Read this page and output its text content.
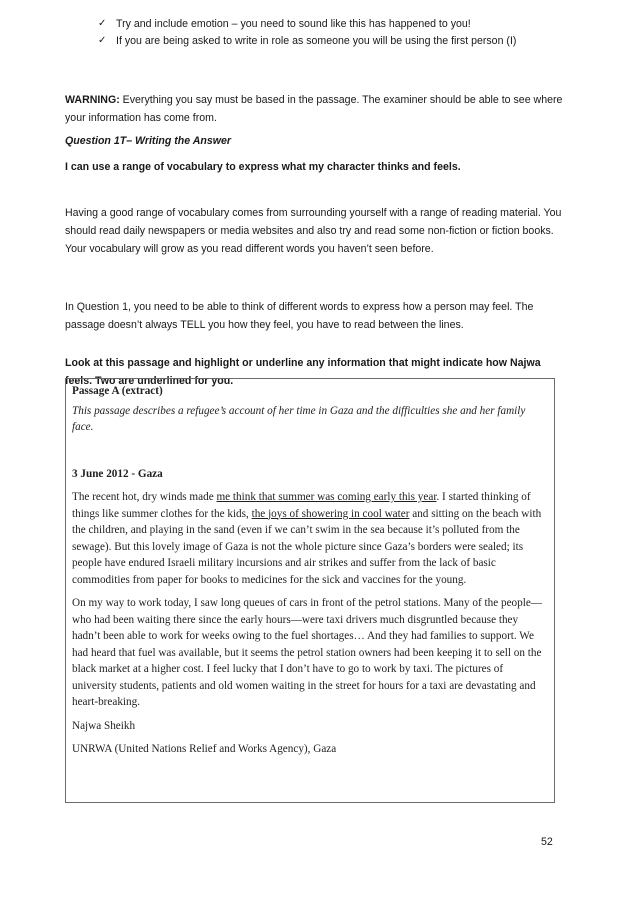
✓ Try and include emotion – you need to sound like this has happened to you!
✓ If you are being asked to write in role as someone you will be using the first person (I)
WARNING: Everything you say must be based in the passage. The examiner should be able to see where your information has come from.
Question 1T– Writing the Answer
I can use a range of vocabulary to express what my character thinks and feels.
Having a good range of vocabulary comes from surrounding yourself with a range of reading material. You should read daily newspapers or media websites and also try and read some non-fiction or fiction books. Your vocabulary will grow as you read different words you haven’t seen before.
In Question 1, you need to be able to think of different words to express how a person may feel. The passage doesn’t always TELL you how they feel, you have to read between the lines.
Look at this passage and highlight or underline any information that might indicate how Najwa feels. Two are underlined for you.
Passage A (extract)
This passage describes a refugee’s account of her time in Gaza and the difficulties she and her family face.
3 June 2012 - Gaza

The recent hot, dry winds made me think that summer was coming early this year. I started thinking of things like summer clothes for the kids, the joys of showering in cool water and sitting on the beach with the children, and playing in the sand (even if we can’t swim in the sea because it’s polluted from the sewage). But this lovely image of Gaza is not the whole picture since Gaza’s borders were sealed; its people have endured Israeli military incursions and air strikes and suffer from the lack of basic commodities from paper for books to medicines for the sick and vaccines for the young.

On my way to work today, I saw long queues of cars in front of the petrol stations. Many of the people—who had been waiting there since the early hours—were taxi drivers much disgruntled because they hadn’t been able to work for weeks owing to the fuel shortages… And they had families to support. We had heard that fuel was available, but it seems the petrol station owners had been keeping it to sell on the black market at a higher cost. I feel lucky that I don’t have to go to work by taxi. The pictures of university students, patients and old women waiting in the street for hours for a taxi are devastating and heart-breaking.

Najwa Sheikh

UNRWA (United Nations Relief and Works Agency), Gaza

52
